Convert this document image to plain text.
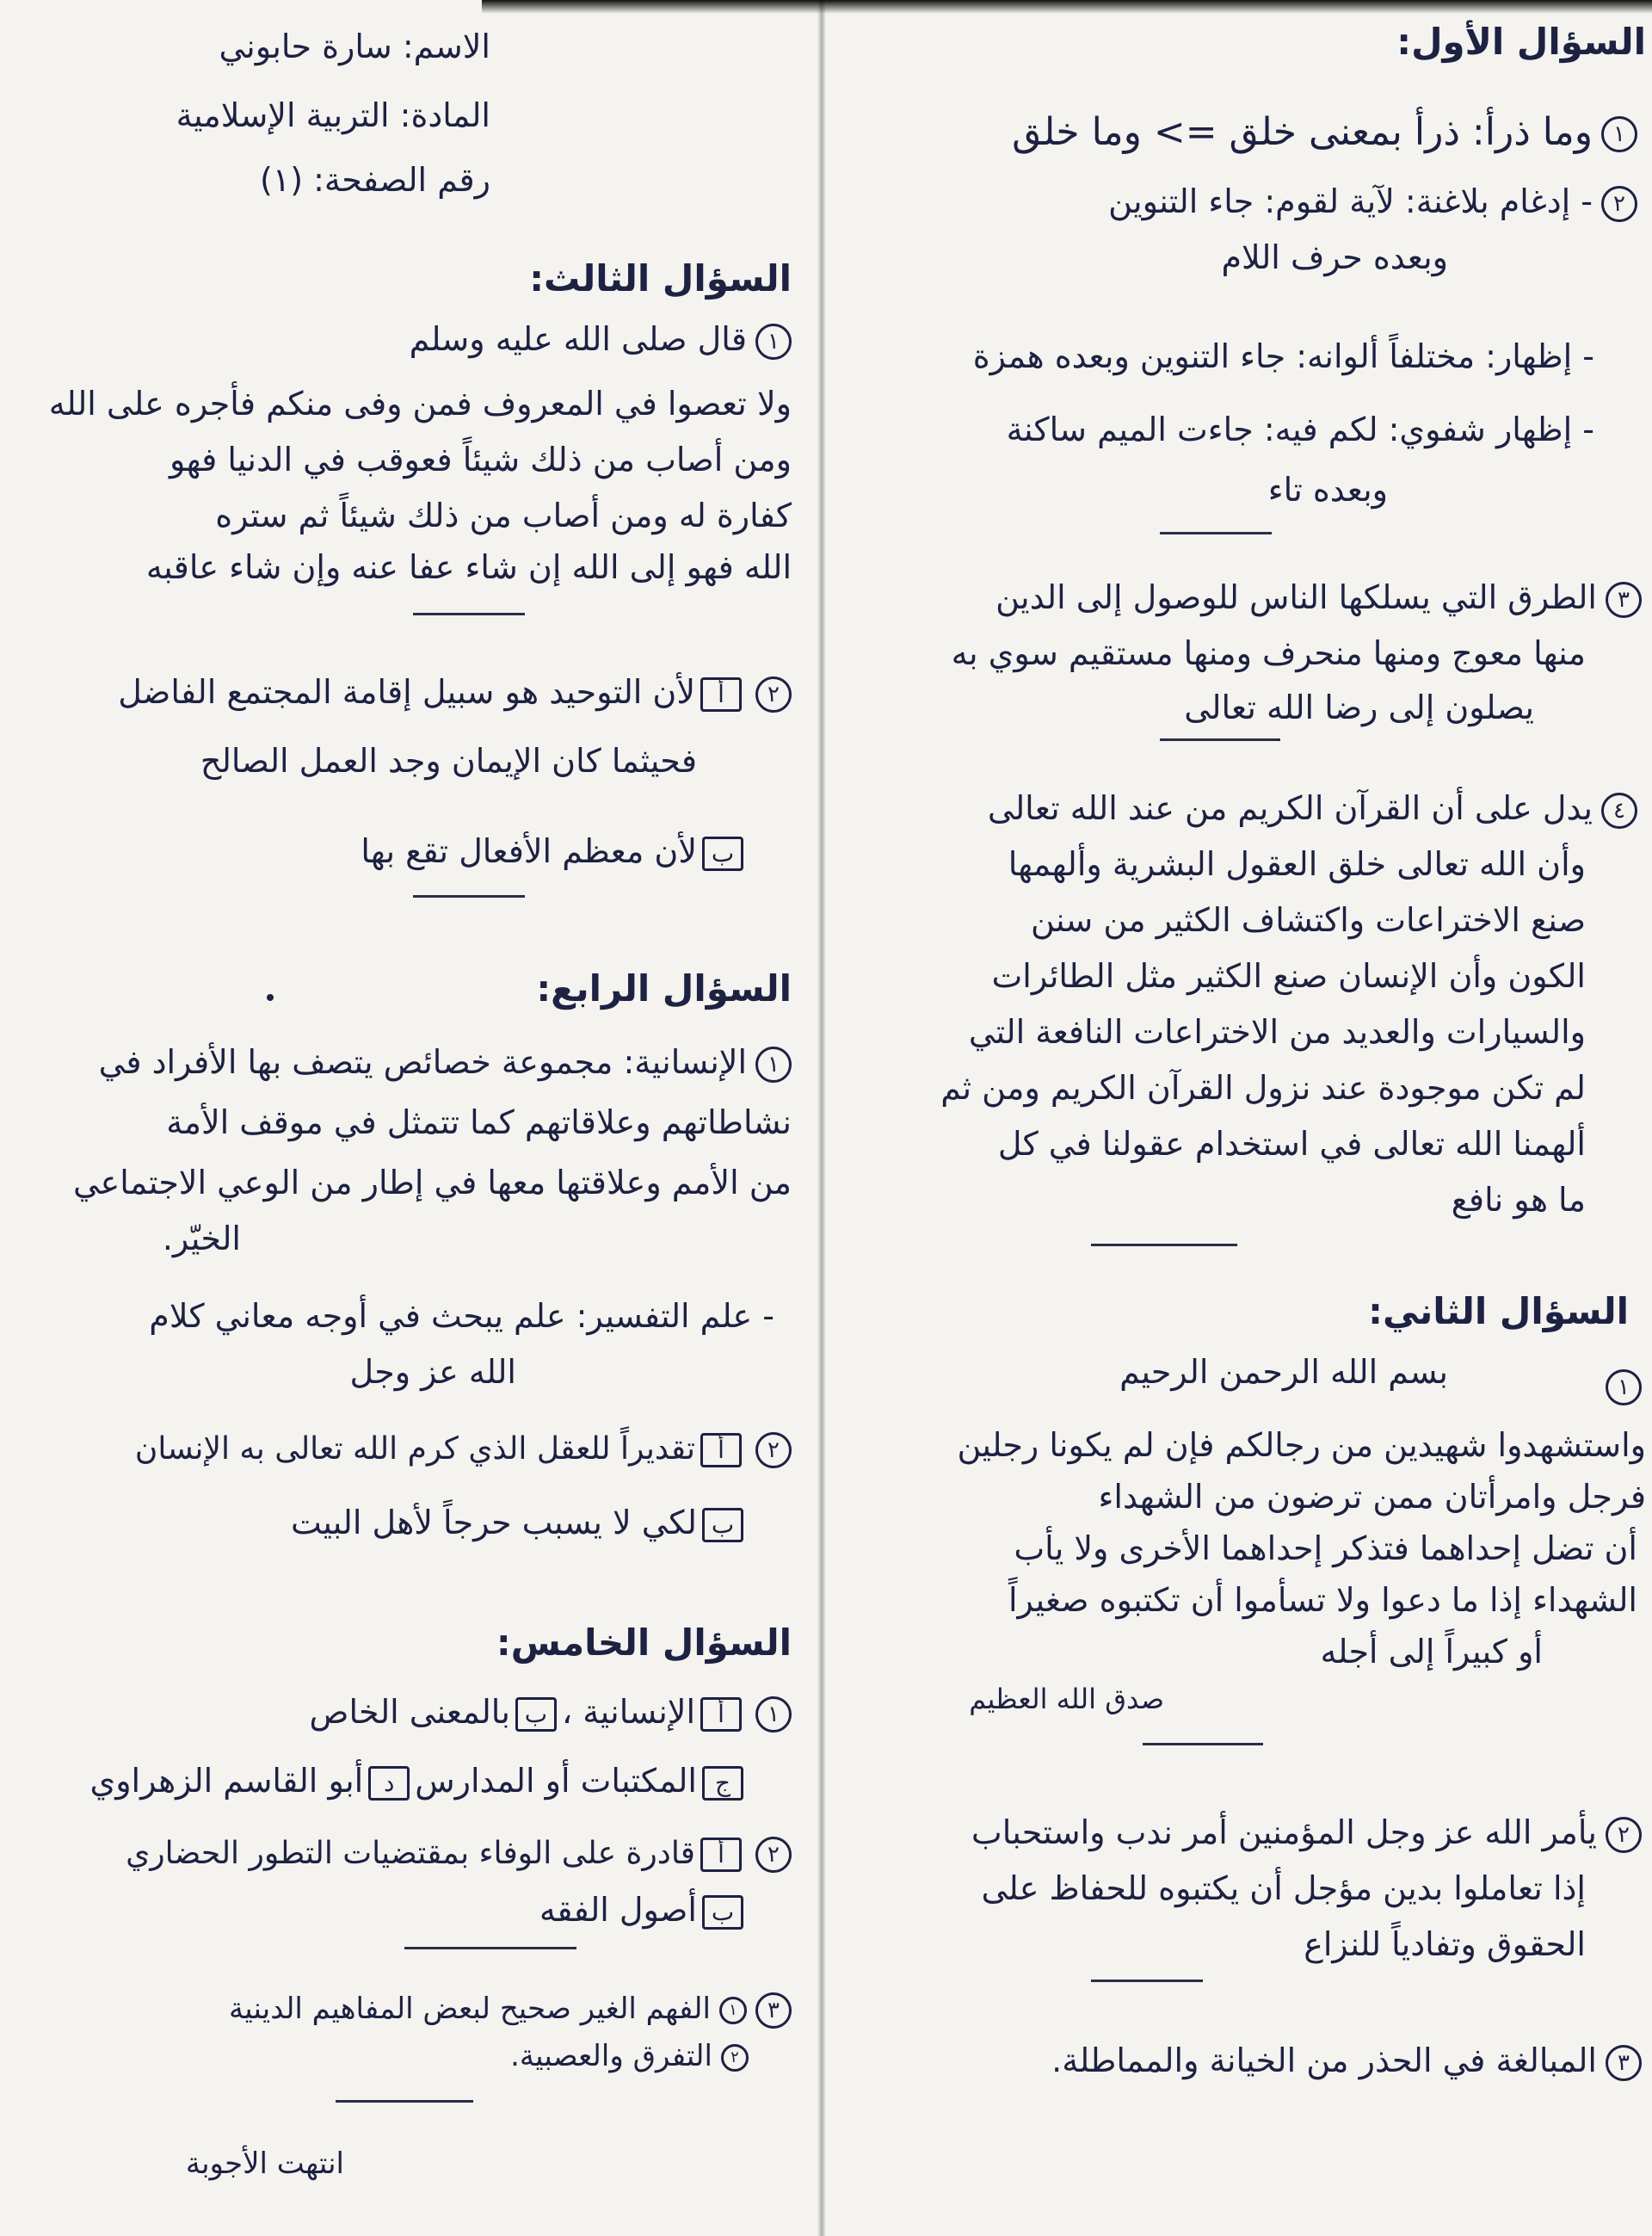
السؤال الأول:
١وما ذرأ: ذرأ بمعنى خلق => وما خلق
٢- إدغام بلاغنة: لآية لقوم: جاء التنوين
وبعده حرف اللام
- إظهار: مختلفاً ألوانه: جاء التنوين وبعده همزة
- إظهار شفوي: لكم فيه: جاءت الميم ساكنة
وبعده تاء
٣الطرق التي يسلكها الناس للوصول إلى الدين
منها معوج ومنها منحرف ومنها مستقيم سوي به
يصلون إلى رضا الله تعالى
٤يدل على أن القرآن الكريم من عند الله تعالى
وأن الله تعالى خلق العقول البشرية وألهمها
صنع الاختراعات واكتشاف الكثير من سنن
الكون وأن الإنسان صنع الكثير مثل الطائرات
والسيارات والعديد من الاختراعات النافعة التي
لم تكن موجودة عند نزول القرآن الكريم ومن ثم
ألهمنا الله تعالى في استخدام عقولنا في كل
ما هو نافع
السؤال الثاني:
بسم الله الرحمن الرحيم	١
واستشهدوا شهيدين من رجالكم فإن لم يكونا رجلين
فرجل وامرأتان ممن ترضون من الشهداء
أن تضل إحداهما فتذكر إحداهما الأخرى ولا يأب
الشهداء إذا ما دعوا ولا تسأموا أن تكتبوه صغيراً
أو كبيراً إلى أجله
صدق الله العظيم
٢يأمر الله عز وجل المؤمنين أمر ندب واستحباب
إذا تعاملوا بدين مؤجل أن يكتبوه للحفاظ على
الحقوق وتفادياً للنزاع
٣المبالغة في الحذر من الخيانة والمماطلة.
الاسم: سارة حابوني
المادة: التربية الإسلامية
رقم الصفحة: (١)
السؤال الثالث:
١قال صلى الله عليه وسلم
ولا تعصوا في المعروف فمن وفى منكم فأجره على الله
ومن أصاب من ذلك شيئاً فعوقب في الدنيا فهو
كفارة له ومن أصاب من ذلك شيئاً ثم ستره
الله فهو إلى الله إن شاء عفا عنه وإن شاء عاقبه
٢ألأن التوحيد هو سبيل إقامة المجتمع الفاضل
فحيثما كان الإيمان وجد العمل الصالح
بلأن معظم الأفعال تقع بها
السؤال الرابع:
١الإنسانية: مجموعة خصائص يتصف بها الأفراد في
نشاطاتهم وعلاقاتهم كما تتمثل في موقف الأمة
من الأمم وعلاقتها معها في إطار من الوعي الاجتماعي
الخيّر.
- علم التفسير: علم يبحث في أوجه معاني كلام
الله عز وجل
٢أتقديراً للعقل الذي كرم الله تعالى به الإنسان
بلكي لا يسبب حرجاً لأهل البيت
السؤال الخامس:
١أالإنسانية ،ببالمعنى الخاص
جالمكتبات أو المدارسدأبو القاسم الزهراوي
٢أقادرة على الوفاء بمقتضيات التطور الحضاري
بأصول الفقه
٣١الفهم الغير صحيح لبعض المفاهيم الدينية
٢التفرق والعصبية.
انتهت الأجوبة
